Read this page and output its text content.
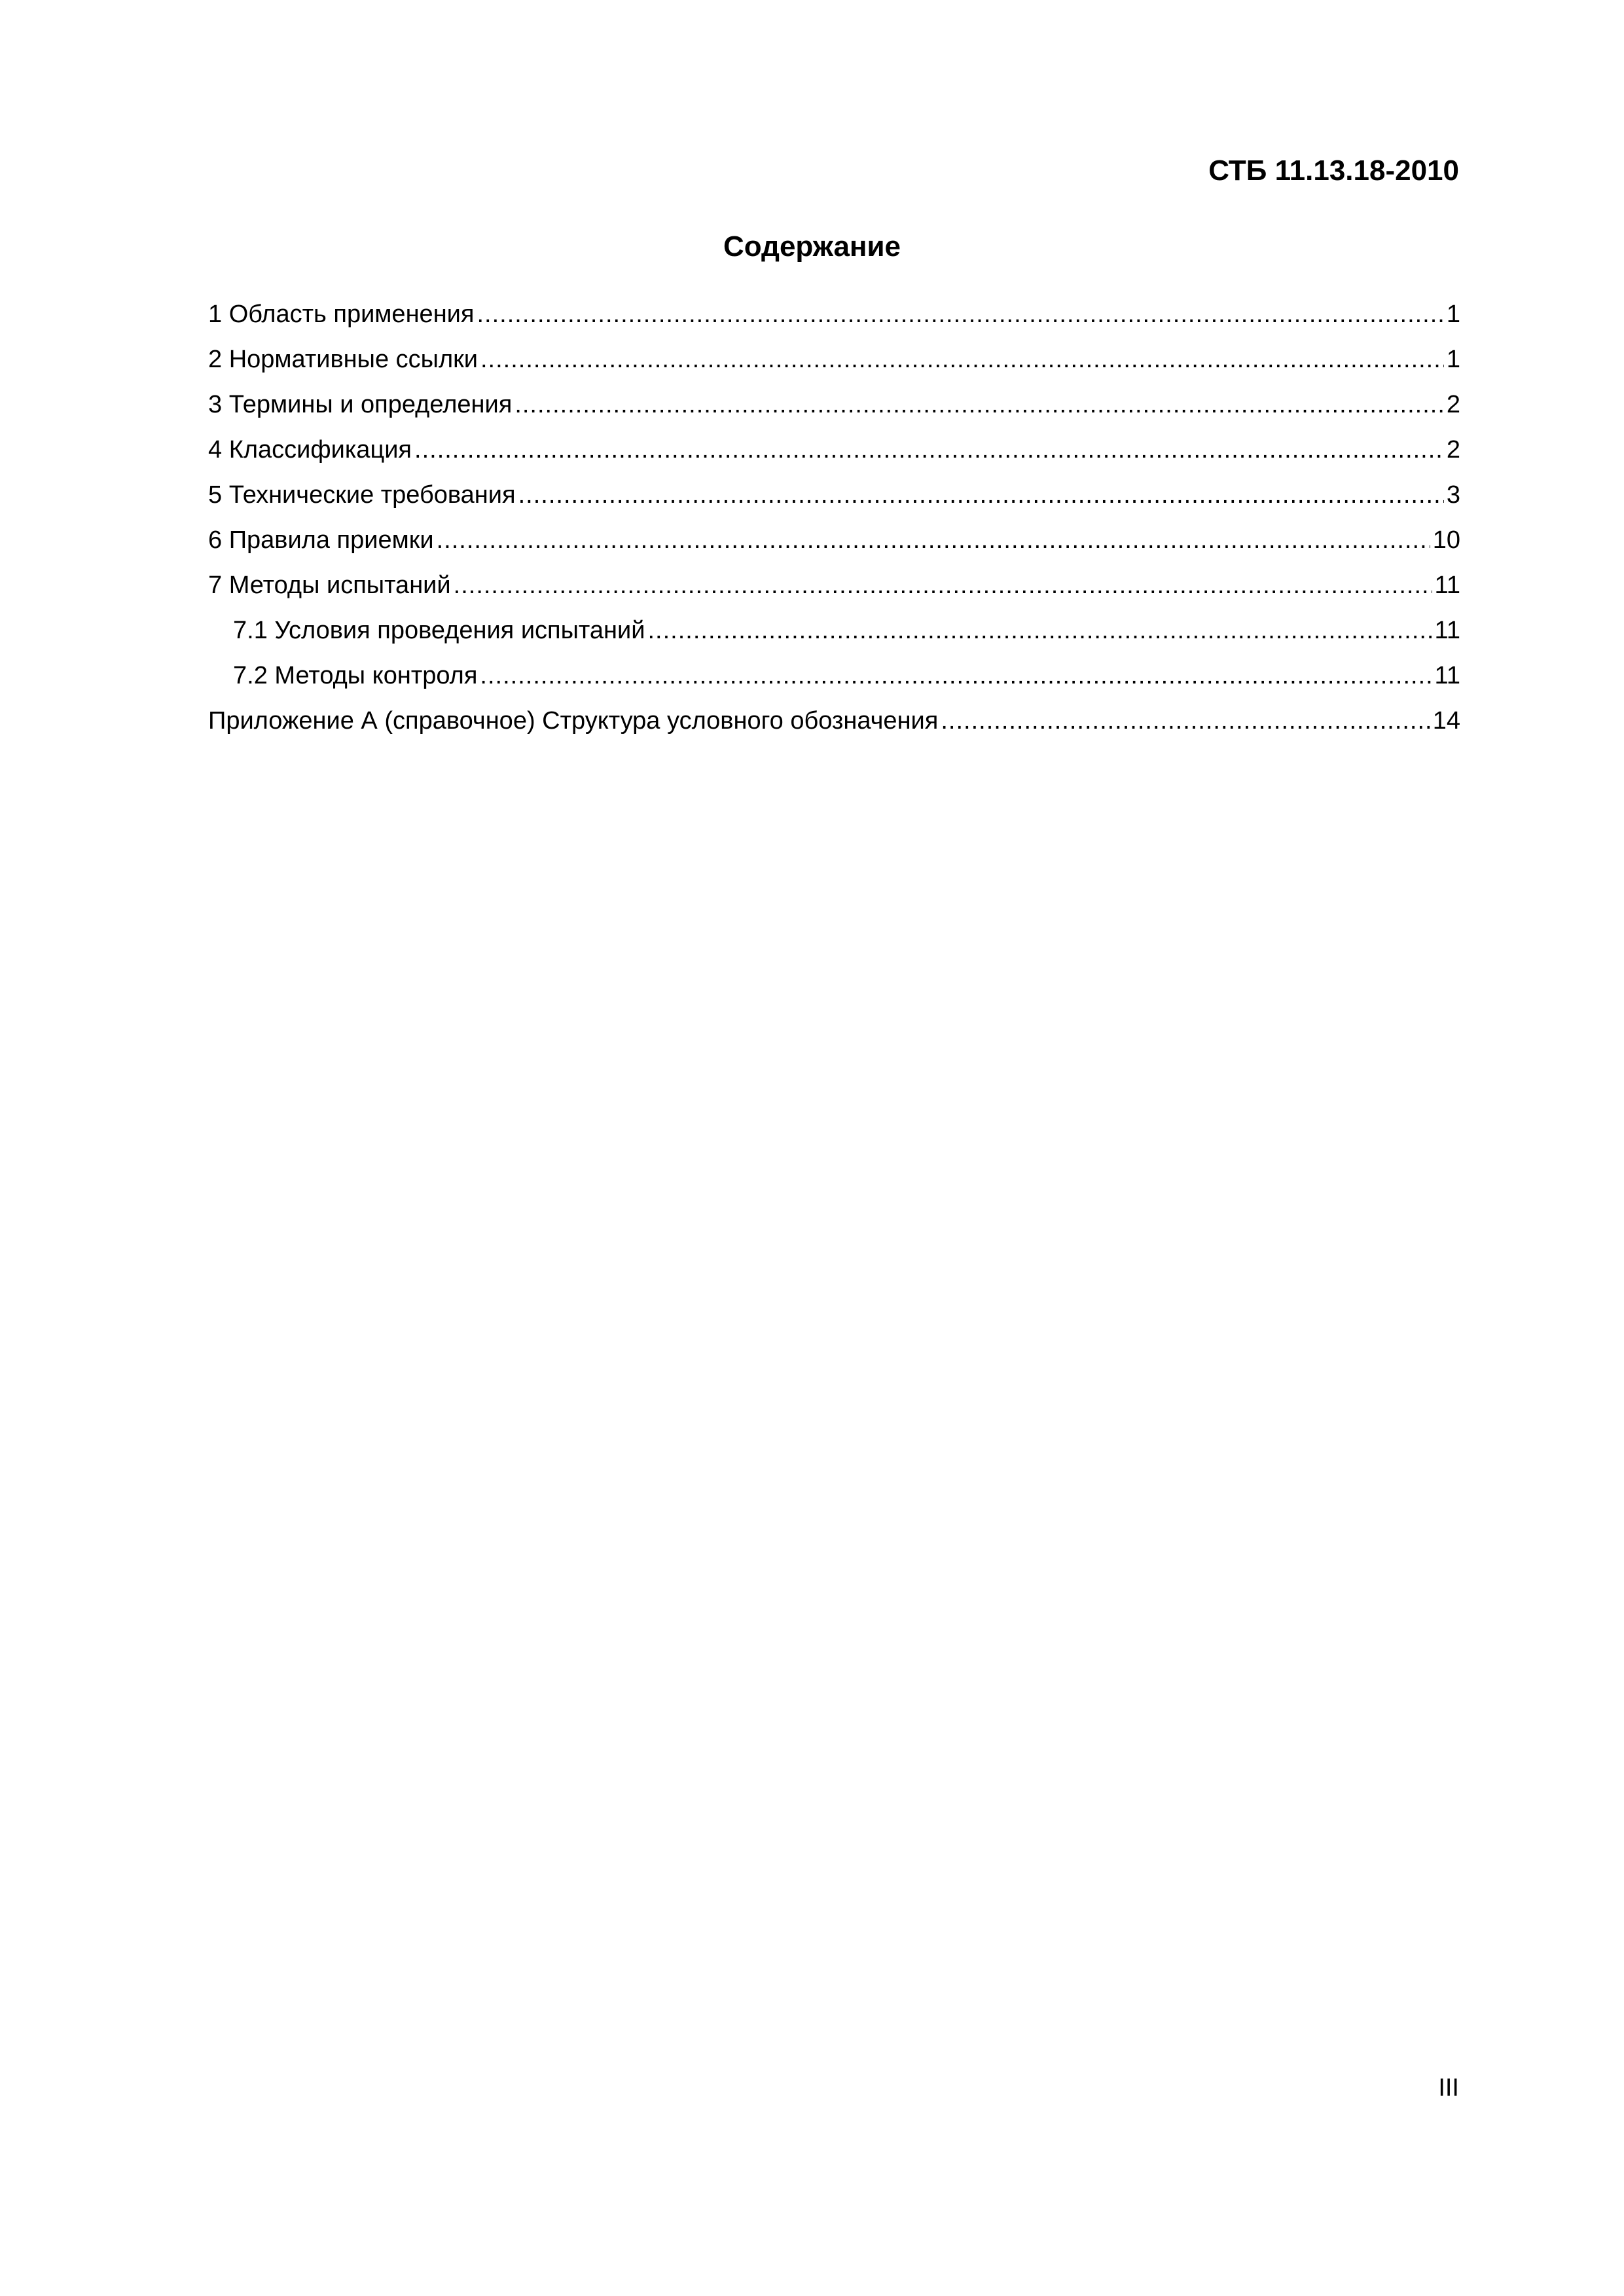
СТБ 11.13.18-2010
Содержание
1 Область применения .....	1
2 Нормативные ссылки .....	1
3 Термины и определения .....	2
4 Классификация .....	2
5 Технические требования .....	3
6 Правила приемки .....	10
7 Методы испытаний .....	11
7.1 Условия проведения испытаний .....	11
7.2 Методы контроля .....	11
Приложение А (справочное) Структура условного обозначения .....	14
III
